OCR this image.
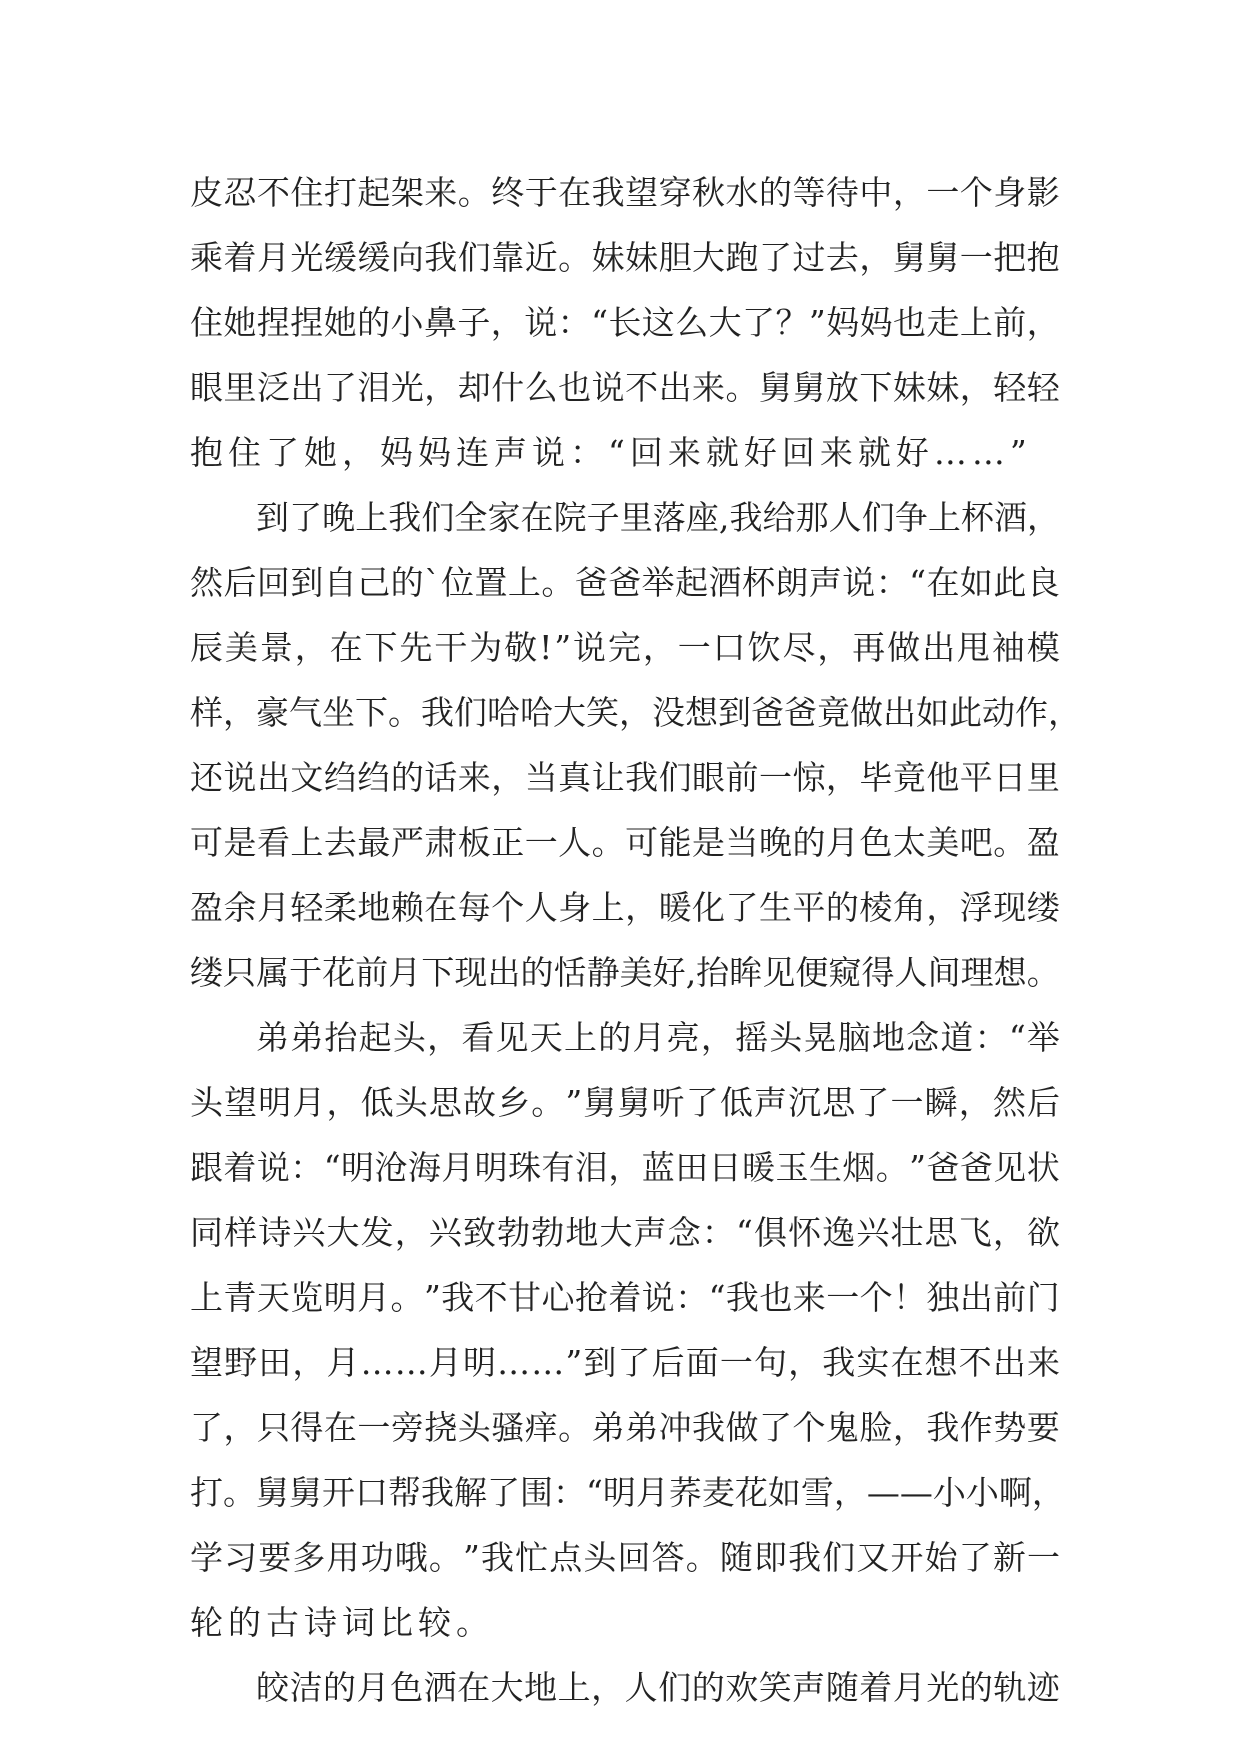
皮 忍 不 住 打 起 架 来 。 终 于 在 我 望 穿 秋 水 的 等 待 中 ， 一 个 身 影
乘 着 月 光 缓 缓 向 我 们 靠 近 。 妹 妹 胆 大 跑 了 过 去 ， 舅 舅 一 把 抱
住 她 捏 捏 她 的 小 鼻 子 ， 说 ： “ 长 这 么 大 了 ？ ” 妈 妈 也 走 上 前 ，
眼 里 泛 出 了 泪 光 ， 却 什 么 也 说 不 出 来 。 舅 舅 放 下 妹 妹 ， 轻 轻
抱住了她，妈妈连声说：“回来就好回来就好……”
到 了 晚 上 我 们 全 家 在 院 子 里 落 座 , 我 给 那 人 们 争 上 杯 酒 ，
然 后 回 到 自 己 的 ` 位 置 上 。 爸 爸 举 起 酒 杯 朗 声 说 ： “ 在 如 此 良
辰 美 景 ， 在 下 先 干 为 敬 ! ” 说 完 ， 一 口 饮 尽 ， 再 做 出 甩 袖 模
样 ， 豪 气 坐 下 。 我 们 哈 哈 大 笑 ， 没 想 到 爸 爸 竟 做 出 如 此 动 作 ，
还 说 出 文 绉 绉 的 话 来 ， 当 真 让 我 们 眼 前 一 惊 ， 毕 竟 他 平 日 里
可 是 看 上 去 最 严 肃 板 正 一 人 。 可 能 是 当 晚 的 月 色 太 美 吧 。 盈
盈 余 月 轻 柔 地 赖 在 每 个 人 身 上 ， 暖 化 了 生 平 的 棱 角 ， 浮 现 缕
缕 只 属 于 花 前 月 下 现 出 的 恬 静 美 好 , 抬 眸 见 便 窥 得 人 间 理 想 。
弟 弟 抬 起 头 ， 看 见 天 上 的 月 亮 ， 摇 头 晃 脑 地 念 道 ： “ 举
头 望 明 月 ， 低 头 思 故 乡 。 ” 舅 舅 听 了 低 声 沉 思 了 一 瞬 ， 然 后
跟 着 说 ： “ 明 沧 海 月 明 珠 有 泪 ， 蓝 田 日 暖 玉 生 烟 。 ” 爸 爸 见 状
同 样 诗 兴 大 发 ， 兴 致 勃 勃 地 大 声 念 ： “ 俱 怀 逸 兴 壮 思 飞 ， 欲
上 青 天 览 明 月 。 ” 我 不 甘 心 抢 着 说 ： “ 我 也 来 一 个 ！ 独 出 前 门
望 野 田 ， 月 … … 月 明 … … ” 到 了 后 面 一 句 ， 我 实 在 想 不 出 来
了 ， 只 得 在 一 旁 挠 头 骚 痒 。 弟 弟 冲 我 做 了 个 鬼 脸 ， 我 作 势 要
打 。 舅 舅 开 口 帮 我 解 了 围 ： “ 明 月 荞 麦 花 如 雪 ， — — 小 小 啊 ，
学 习 要 多 用 功 哦 。 ” 我 忙 点 头 回 答 。 随 即 我 们 又 开 始 了 新 一
轮的古诗词比较。
皎 洁 的 月 色 洒 在 大 地 上 ， 人 们 的 欢 笑 声 随 着 月 光 的 轨 迹
